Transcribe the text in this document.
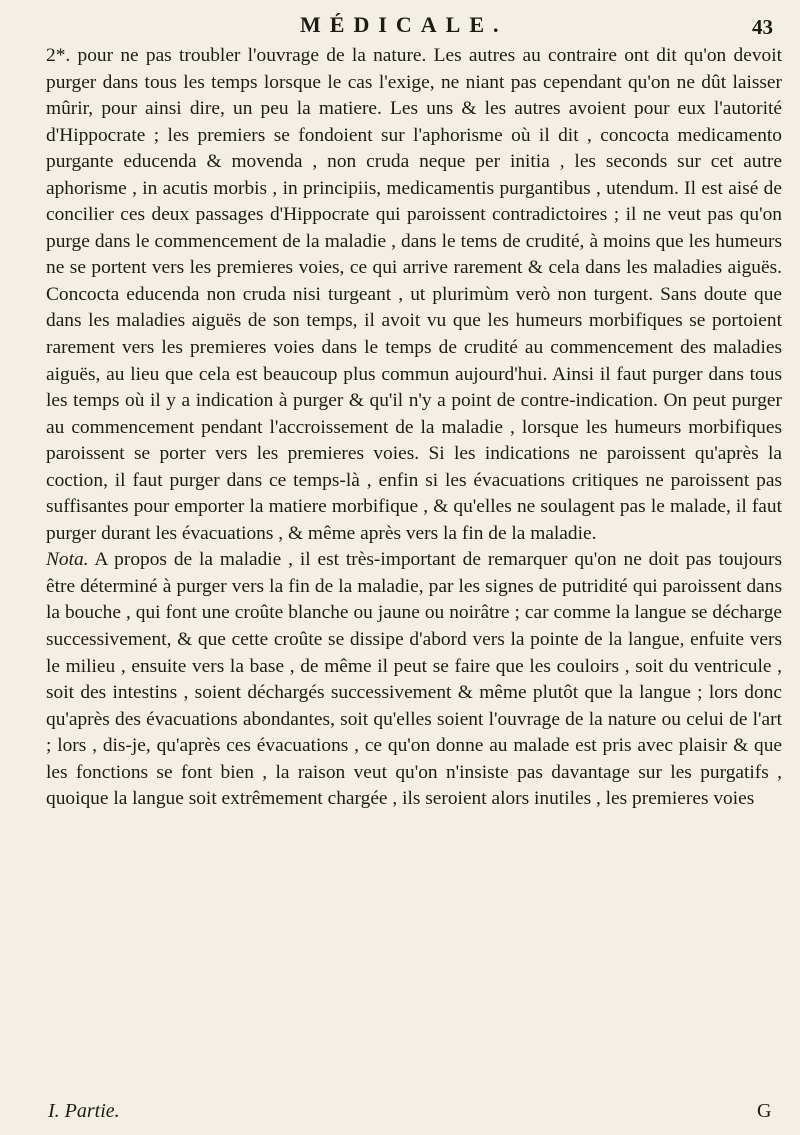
MÉDICALE.	43

2*. pour ne pas troubler l'ouvrage de la nature. Les autres au contraire ont dit qu'on devoit purger dans tous les temps lorsque le cas l'exige, ne niant pas cependant qu'on ne dût laisser mûrir, pour ainsi dire, un peu la matiere. Les uns & les autres avoient pour eux l'autorité d'Hippocrate ; les premiers se fondoient sur l'aphorisme où il dit , concocta medicamento purgante educenda & movenda , non cruda neque per initia , les seconds sur cet autre aphorisme , in acutis morbis , in principiis, medicamentis purgantibus , utendum. Il est aisé de concilier ces deux passages d'Hippocrate qui paroissent contradictoires ; il ne veut pas qu'on purge dans le commencement de la maladie , dans le tems de crudité, à moins que les humeurs ne se portent vers les premieres voies, ce qui arrive rarement & cela dans les maladies aiguës. Concocta educenda non cruda nisi turgeant , ut plurimùm verò non turgent. Sans doute que dans les maladies aiguës de son temps, il avoit vu que les humeurs morbifiques se portoient rarement vers les premieres voies dans le temps de crudité au commencement des maladies aiguës, au lieu que cela est beaucoup plus commun aujourd'hui. Ainsi il faut purger dans tous les temps où il y a indication à purger & qu'il n'y a point de contre-indication. On peut purger au commencement pendant l'accroissement de la maladie , lorsque les humeurs morbifiques paroissent se porter vers les premieres voies. Si les indications ne paroissent qu'après la coction, il faut purger dans ce temps-là , enfin si les évacuations critiques ne paroissent pas suffisantes pour emporter la matiere morbifique , & qu'elles ne soulagent pas le malade, il faut purger durant les évacuations , & même après vers la fin de la maladie.

Nota. A propos de la maladie , il est très-important de remarquer qu'on ne doit pas toujours être déterminé à purger vers la fin de la maladie, par les signes de putridité qui paroissent dans la bouche , qui font une croûte blanche ou jaune ou noirâtre ; car comme la langue se décharge successivement, & que cette croûte se dissipe d'abord vers la pointe de la langue, enfuite vers le milieu , ensuite vers la base , de même il peut se faire que les couloirs , soit du ventricule , soit des intestins , soient déchargés successivement & même plutôt que la langue ; lors donc qu'après des évacuations abondantes, soit qu'elles soient l'ouvrage de la nature ou celui de l'art ; lors , dis-je, qu'après ces évacuations , ce qu'on donne au malade est pris avec plaisir & que les fonctions se font bien , la raison veut qu'on n'insiste pas davantage sur les purgatifs , quoique la langue soit extrêmement chargée , ils seroient alors inutiles , les premieres voies

I. Partie.	G
